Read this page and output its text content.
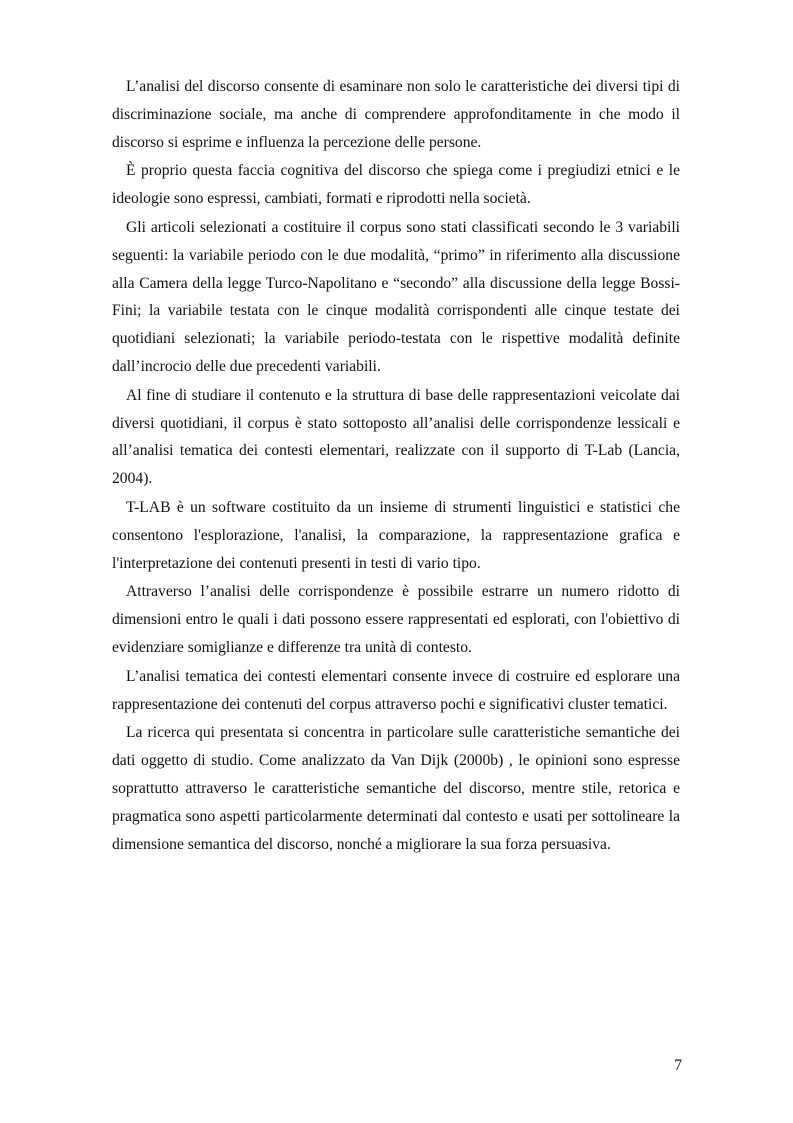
L’analisi del discorso consente di esaminare non solo le caratteristiche dei diversi tipi di discriminazione sociale, ma anche di comprendere approfonditamente in che modo il discorso si esprime e influenza la percezione delle persone.

È proprio questa faccia cognitiva del discorso che spiega come i pregiudizi etnici e le ideologie sono espressi, cambiati, formati e riprodotti nella società.

Gli articoli selezionati a costituire il corpus sono stati classificati secondo le 3 variabili seguenti: la variabile periodo con le due modalità, “primo” in riferimento alla discussione alla Camera della legge Turco-Napolitano e “secondo” alla discussione della legge Bossi-Fini; la variabile testata con le cinque modalità corrispondenti alle cinque testate dei quotidiani selezionati; la variabile periodo-testata con le rispettive modalità definite dall’incrocio delle due precedenti variabili.

Al fine di studiare il contenuto e la struttura di base delle rappresentazioni veicolate dai diversi quotidiani, il corpus è stato sottoposto all’analisi delle corrispondenze lessicali e all’analisi tematica dei contesti elementari, realizzate con il supporto di T-Lab (Lancia, 2004).

T-LAB è un software costituito da un insieme di strumenti linguistici e statistici che consentono l'esplorazione, l'analisi, la comparazione, la rappresentazione grafica e l'interpretazione dei contenuti presenti in testi di vario tipo.

Attraverso l’analisi delle corrispondenze è possibile estrarre un numero ridotto di dimensioni entro le quali i dati possono essere rappresentati ed esplorati, con l'obiettivo di evidenziare somiglianze e differenze tra unità di contesto.

L’analisi tematica dei contesti elementari consente invece di costruire ed esplorare una rappresentazione dei contenuti del corpus attraverso pochi e significativi cluster tematici.

La ricerca qui presentata si concentra in particolare sulle caratteristiche semantiche dei dati oggetto di studio. Come analizzato da Van Dijk (2000b) , le opinioni sono espresse soprattutto attraverso le caratteristiche semantiche del discorso, mentre stile, retorica e pragmatica sono aspetti particolarmente determinati dal contesto e usati per sottolineare la dimensione semantica del discorso, nonché a migliorare la sua forza persuasiva.

7
